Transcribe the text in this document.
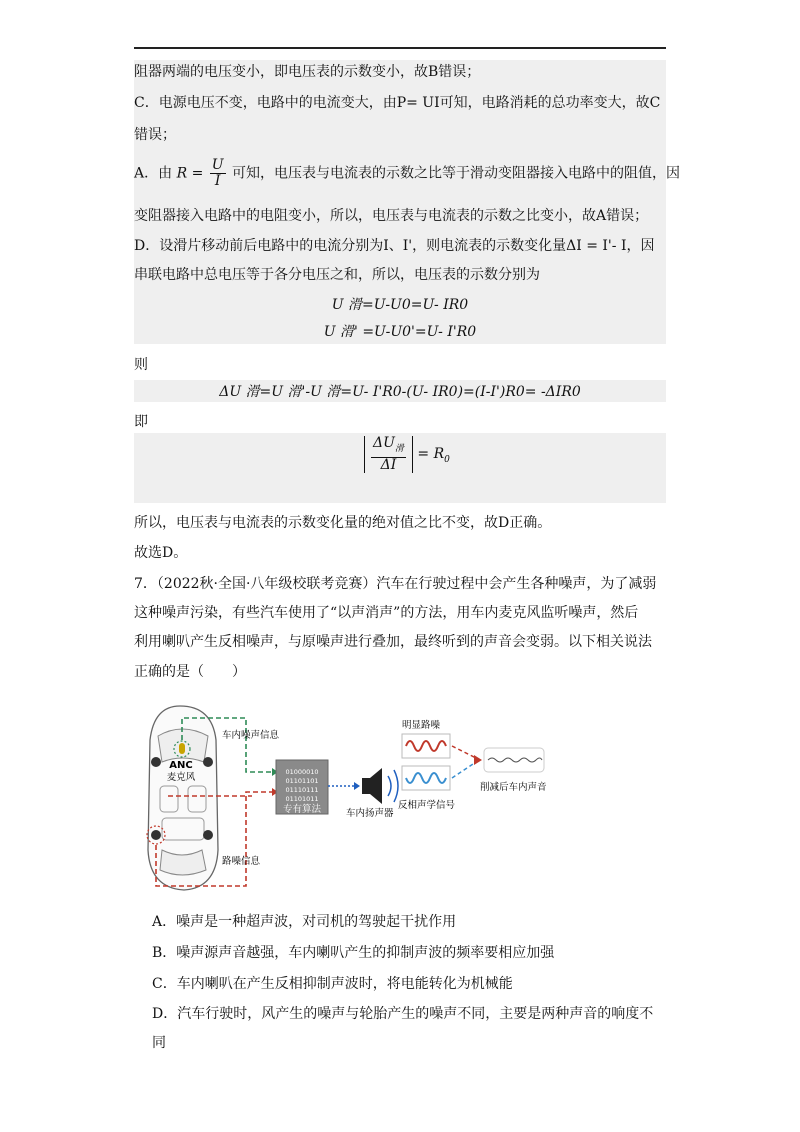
阻器两端的电压变小，即电压表的示数变小，故B错误；
C．电源电压不变，电路中的电流变大，由P= UI可知，电路消耗的总功率变大，故C
错误；
A．由 $R = \frac{U}{I}$ 可知，电压表与电流表的示数之比等于滑动变阻器接入电路中的阻值，因
变阻器接入电路中的电阻变小，所以，电压表与电流表的示数之比变小，故A错误；
D．设滑片移动前后电路中的电流分别为I、I'，则电流表的示数变化量ΔI = I'- I，因
串联电路中总电压等于各分电压之和，所以，电压表的示数分别为
U 滑=U-U0=U- IR0
U 滑' =U-U0'=U- I'R0
则
ΔU 滑=U 滑'-U 滑=U- I'R0-(U- IR0)=(I-I')R0= -ΔIR0
即
$\frac{\Delta U_滑}{\Delta I} = R_0$
所以，电压表与电流表的示数变化量的绝对值之比不变，故D正确。
故选D。
7．（2022秋·全国·八年级校联考竞赛）汽车在行驶过程中会产生各种噪声，为了减弱
这种噪声污染，有些汽车使用了“以声消声”的方法，用车内麦克风监听噪声，然后
利用喇叭产生反相噪声，与原噪声进行叠加，最终听到的声音会变弱。以下相关说法
正确的是（　　）
ANC
麦克风
车内噪声信息
路噪信息
01000010
01101101
01110111
01101011
专有算法	车内扬声器
明显路噪
反相声学信号
削减后车内声音
A．噪声是一种超声波，对司机的驾驶起干扰作用
B．噪声源声音越强，车内喇叭产生的抑制声波的频率要相应加强
C．车内喇叭在产生反相抑制声波时，将电能转化为机械能
D．汽车行驶时，风产生的噪声与轮胎产生的噪声不同，主要是两种声音的响度不
同
